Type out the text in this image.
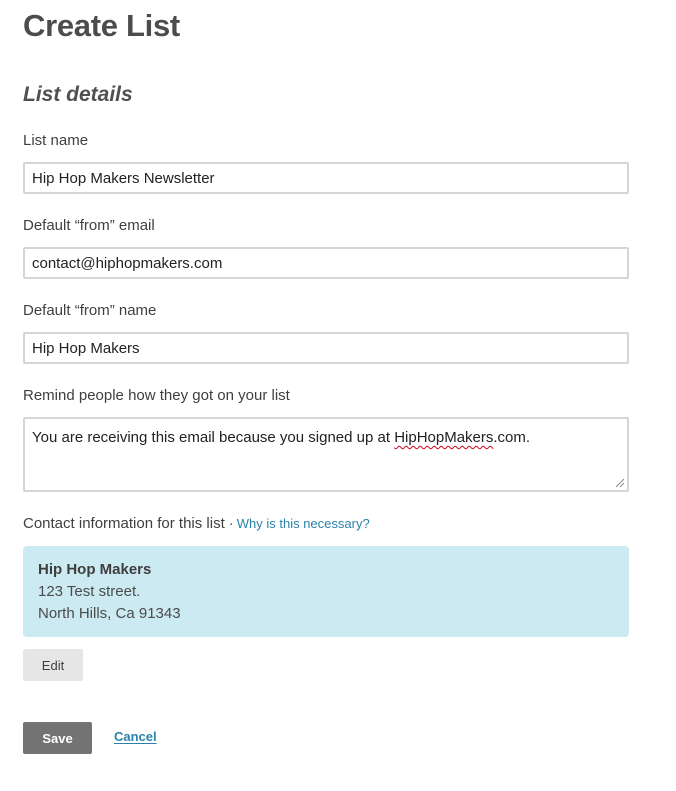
Create List
List details
List name
Hip Hop Makers Newsletter
Default “from” email
contact@hiphopmakers.com
Default “from” name
Hip Hop Makers
Remind people how they got on your list
You are receiving this email because you signed up at HipHopMakers.com.
Contact information for this list · Why is this necessary?
Hip Hop Makers
123 Test street.
North Hills, Ca 91343
Edit
Save	Cancel
